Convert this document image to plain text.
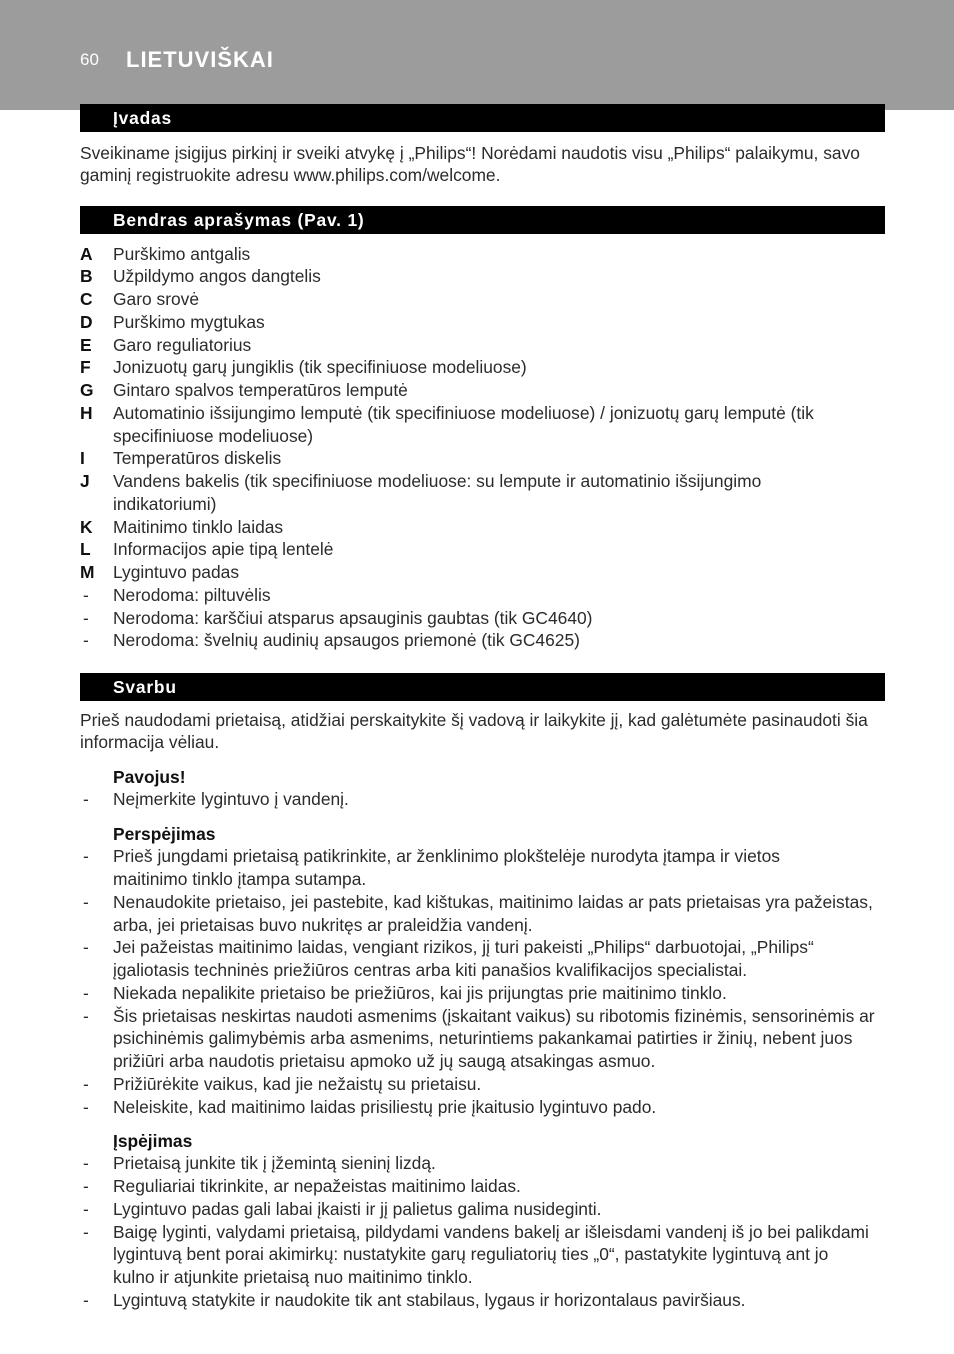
60 LIETUVIŠKAI
Įvadas

Sveikiname įsigijus pirkinį ir sveiki atvykę į „Philips“! Norėdami naudotis visu „Philips“ palaikymu, savo
gaminį registruokite adresu www.philips.com/welcome.

Bendras aprašymas (Pav. 1)
A	Purškimo antgalis
B	Užpildymo angos dangtelis
C	Garo srovė
D	Purškimo mygtukas
E	Garo reguliatorius
F	Jonizuotų garų jungiklis (tik specifiniuose modeliuose)
G	Gintaro spalvos temperatūros lemputė
H	Automatinio išsijungimo lemputė (tik specifiniuose modeliuose) / jonizuotų garų lemputė (tik
specifiniuose modeliuose)
I	Temperatūros diskelis
J	Vandens bakelis (tik specifiniuose modeliuose: su lempute ir automatinio išsijungimo
indikatoriumi)
K	Maitinimo tinklo laidas
L	Informacijos apie tipą lentelė
M	Lygintuvo padas
-	Nerodoma: piltuvėlis
-	Nerodoma: karščiui atsparus apsauginis gaubtas (tik GC4640)
-	Nerodoma: švelnių audinių apsaugos priemonė (tik GC4625)
Svarbu

Prieš naudodami prietaisą, atidžiai perskaitykite šį vadovą ir laikykite jį, kad galėtumėte pasinaudoti šia
informacija vėliau.

Pavojus!
-	Neįmerkite lygintuvo į vandenį.
Perspėjimas
-	Prieš jungdami prietaisą patikrinkite, ar ženklinimo plokštelėje nurodyta įtampa ir vietos
maitinimo tinklo įtampa sutampa.
-	Nenaudokite prietaiso, jei pastebite, kad kištukas, maitinimo laidas ar pats prietaisas yra pažeistas,
arba, jei prietaisas buvo nukritęs ar praleidžia vandenį.
-	Jei pažeistas maitinimo laidas, vengiant rizikos, jį turi pakeisti „Philips“ darbuotojai, „Philips“
įgaliotasis techninės priežiūros centras arba kiti panašios kvalifikacijos specialistai.
-	Niekada nepalikite prietaiso be priežiūros, kai jis prijungtas prie maitinimo tinklo.
-	Šis prietaisas neskirtas naudoti asmenims (įskaitant vaikus) su ribotomis fizinėmis, sensorinėmis ar
psichinėmis galimybėmis arba asmenims, neturintiems pakankamai patirties ir žinių, nebent juos
prižiūri arba naudotis prietaisu apmoko už jų saugą atsakingas asmuo.
-	Prižiūrėkite vaikus, kad jie nežaistų su prietaisu.
-	Neleiskite, kad maitinimo laidas prisiliestų prie įkaitusio lygintuvo pado.
Įspėjimas
-	Prietaisą junkite tik į įžemintą sieninį lizdą.
-	Reguliariai tikrinkite, ar nepažeistas maitinimo laidas.
-	Lygintuvo padas gali labai įkaisti ir jį palietus galima nusideginti.
-	Baigę lyginti, valydami prietaisą, pildydami vandens bakelį ar išleisdami vandenį iš jo bei palikdami
lygintuvą bent porai akimirkų: nustatykite garų reguliatorių ties „0“, pastatykite lygintuvą ant jo
kulno ir atjunkite prietaisą nuo maitinimo tinklo.
-	Lygintuvą statykite ir naudokite tik ant stabilaus, lygaus ir horizontalaus paviršiaus.
